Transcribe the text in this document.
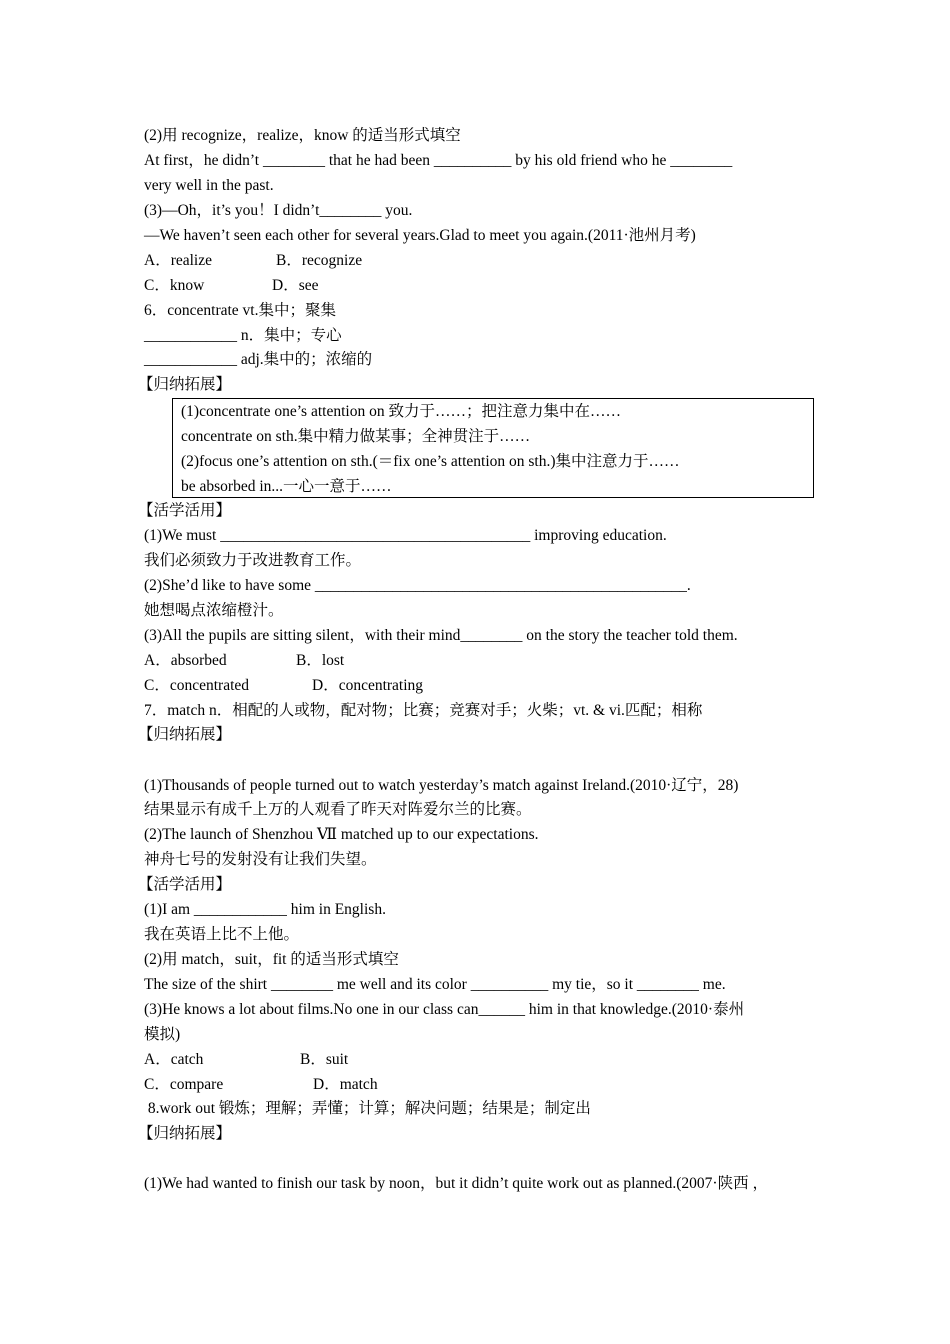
(2)用 recognize，realize，know 的适当形式填空
At first，he didn’t ________ that he had been __________ by his old friend who he ________
very well in the past.
(3)—Oh，it’s you！I didn’t________ you.
—We haven’t seen each other for several years.Glad to meet you again.(2011·池州月考)
A．realize	B．recognize
C．know	D．see
6．concentrate vt.集中；聚集
____________ n．集中；专心
____________ adj.集中的；浓缩的
【归纳拓展】
(1)concentrate one’s attention on 致力于……；把注意力集中在……
concentrate on sth.集中精力做某事；全神贯注于……
(2)focus one’s attention on sth.(＝fix one’s attention on sth.)集中注意力于……
be absorbed in...一心一意于……
【活学活用】
(1)We must ________________________________________ improving education.
我们必须致力于改进教育工作。
(2)She’d like to have some ________________________________________________.
她想喝点浓缩橙汁。
(3)All the pupils are sitting silent，with their mind________ on the story the teacher told them.
A．absorbed	B．lost
C．concentrated	D．concentrating
7．match n．相配的人或物，配对物；比赛；竞赛对手；火柴；vt. & vi.匹配；相称
【归纳拓展】
(1)Thousands of people turned out to watch yesterday’s match against Ireland.(2010·辽宁，28)
结果显示有成千上万的人观看了昨天对阵爱尔兰的比赛。
(2)The launch of Shenzhou Ⅶ matched up to our expectations.
神舟七号的发射没有让我们失望。
【活学活用】
(1)I am ____________ him in English.
我在英语上比不上他。
(2)用 match，suit，fit 的适当形式填空
The size of the shirt ________ me well and its color __________ my tie，so it ________ me.
(3)He knows a lot about films.No one in our class can______ him in that knowledge.(2010·泰州
模拟)
A．catch	B．suit
C．compare	D．match
8.work out 锻炼；理解；弄懂；计算；解决问题；结果是；制定出
【归纳拓展】
(1)We had wanted to finish our task by noon，but it didn’t quite work out as planned.(2007·陕西 ，
